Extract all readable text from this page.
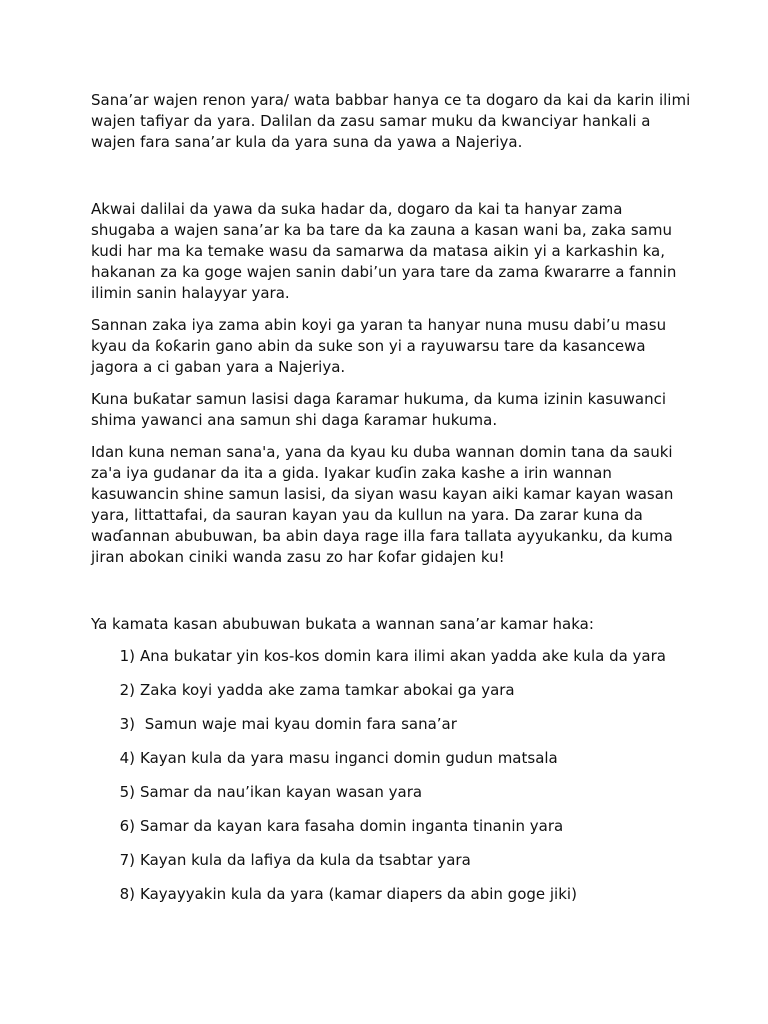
Sana’ar wajen renon yara/ wata babbar hanya ce ta dogaro da kai da karin ilimi wajen tafiyar da yara. Dalilan da zasu samar muku da kwanciyar hankali a wajen fara sana’ar kula da yara suna da yawa a Najeriya.

Akwai dalilai da yawa da suka hadar da, dogaro da kai ta hanyar zama shugaba a wajen sana’ar ka ba tare da ka zauna a kasan wani ba, zaka samu kudi har ma ka temake wasu da samarwa da matasa aikin yi a karkashin ka, hakanan za ka goge wajen sanin dabi’un yara tare da zama ƙwararre a fannin ilimin sanin halayyar yara.

Sannan zaka iya zama abin koyi ga yaran ta hanyar nuna musu dabi’u masu kyau da ƙoƙarin gano abin da suke son yi a rayuwarsu tare da kasancewa jagora a ci gaban yara a Najeriya.

Kuna buƙatar samun lasisi daga ƙaramar hukuma, da kuma izinin kasuwanci shima yawanci ana samun shi daga ƙaramar hukuma.

Idan kuna neman sana'a, yana da kyau ku duba wannan domin tana da sauki za'a iya gudanar da ita a gida. Iyakar kuɗin zaka kashe a irin wannan kasuwancin shine samun lasisi, da siyan wasu kayan aiki kamar kayan wasan yara, littattafai, da sauran kayan yau da kullun na yara. Da zarar kuna da waɗannan abubuwan, ba abin daya rage illa fara tallata ayyukanku, da kuma jiran abokan ciniki wanda zasu zo har ƙofar gidajen ku!

Ya kamata kasan abubuwan bukata a wannan sana’ar kamar haka:

1) Ana bukatar yin kos-kos domin kara ilimi akan yadda ake kula da yara
2) Zaka koyi yadda ake zama tamkar abokai ga yara
3) Samun waje mai kyau domin fara sana’ar
4) Kayan kula da yara masu inganci domin gudun matsala
5) Samar da nau’ikan kayan wasan yara
6) Samar da kayan kara fasaha domin inganta tinanin yara
7) Kayan kula da lafiya da kula da tsabtar yara
8) Kayayyakin kula da yara (kamar diapers da abin goge jiki)
